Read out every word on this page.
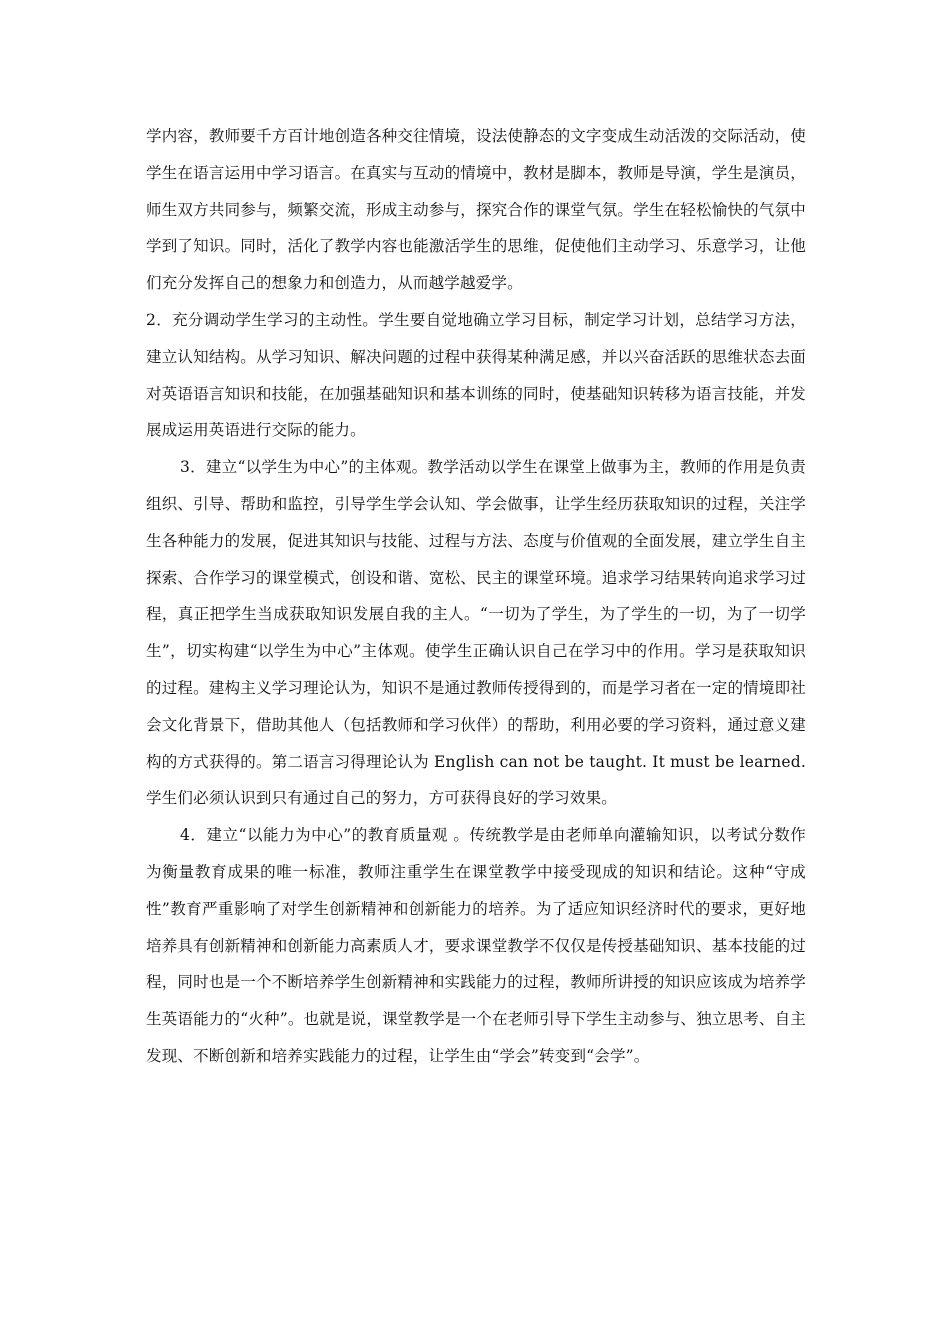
学内容，教师要千方百计地创造各种交往情境，设法使静态的文字变成生动活泼的交际活动，使学生在语言运用中学习语言。在真实与互动的情境中，教材是脚本，教师是导演，学生是演员，师生双方共同参与，频繁交流，形成主动参与，探究合作的课堂气氛。学生在轻松愉快的气氛中学到了知识。同时，活化了教学内容也能激活学生的思维，促使他们主动学习、乐意学习，让他们充分发挥自己的想象力和创造力，从而越学越爱学。

2．充分调动学生学习的主动性。学生要自觉地确立学习目标，制定学习计划，总结学习方法，建立认知结构。从学习知识、解决问题的过程中获得某种满足感，并以兴奋活跃的思维状态去面对英语语言知识和技能，在加强基础知识和基本训练的同时，使基础知识转移为语言技能，并发展成运用英语进行交际的能力。

3．建立“以学生为中心”的主体观。教学活动以学生在课堂上做事为主，教师的作用是负责组织、引导、帮助和监控，引导学生学会认知、学会做事，让学生经历获取知识的过程，关注学生各种能力的发展，促进其知识与技能、过程与方法、态度与价值观的全面发展，建立学生自主探索、合作学习的课堂模式，创设和谐、宽松、民主的课堂环境。追求学习结果转向追求学习过程，真正把学生当成获取知识发展自我的主人。“一切为了学生，为了学生的一切，为了一切学生”，切实构建“以学生为中心”主体观。使学生正确认识自己在学习中的作用。学习是获取知识的过程。建构主义学习理论认为，知识不是通过教师传授得到的，而是学习者在一定的情境即社会文化背景下，借助其他人（包括教师和学习伙伴）的帮助，利用必要的学习资料，通过意义建构的方式获得的。第二语言习得理论认为 English can not be taught. It must be learned. 学生们必须认识到只有通过自己的努力，方可获得良好的学习效果。

4．建立“以能力为中心”的教育质量观 。传统教学是由老师单向灌输知识，以考试分数作为衡量教育成果的唯一标准，教师注重学生在课堂教学中接受现成的知识和结论。这种“守成性”教育严重影响了对学生创新精神和创新能力的培养。为了适应知识经济时代的要求，更好地培养具有创新精神和创新能力高素质人才，要求课堂教学不仅仅是传授基础知识、基本技能的过程，同时也是一个不断培养学生创新精神和实践能力的过程，教师所讲授的知识应该成为培养学生英语能力的“火种”。也就是说，课堂教学是一个在老师引导下学生主动参与、独立思考、自主发现、不断创新和培养实践能力的过程，让学生由“学会”转变到“会学”。
